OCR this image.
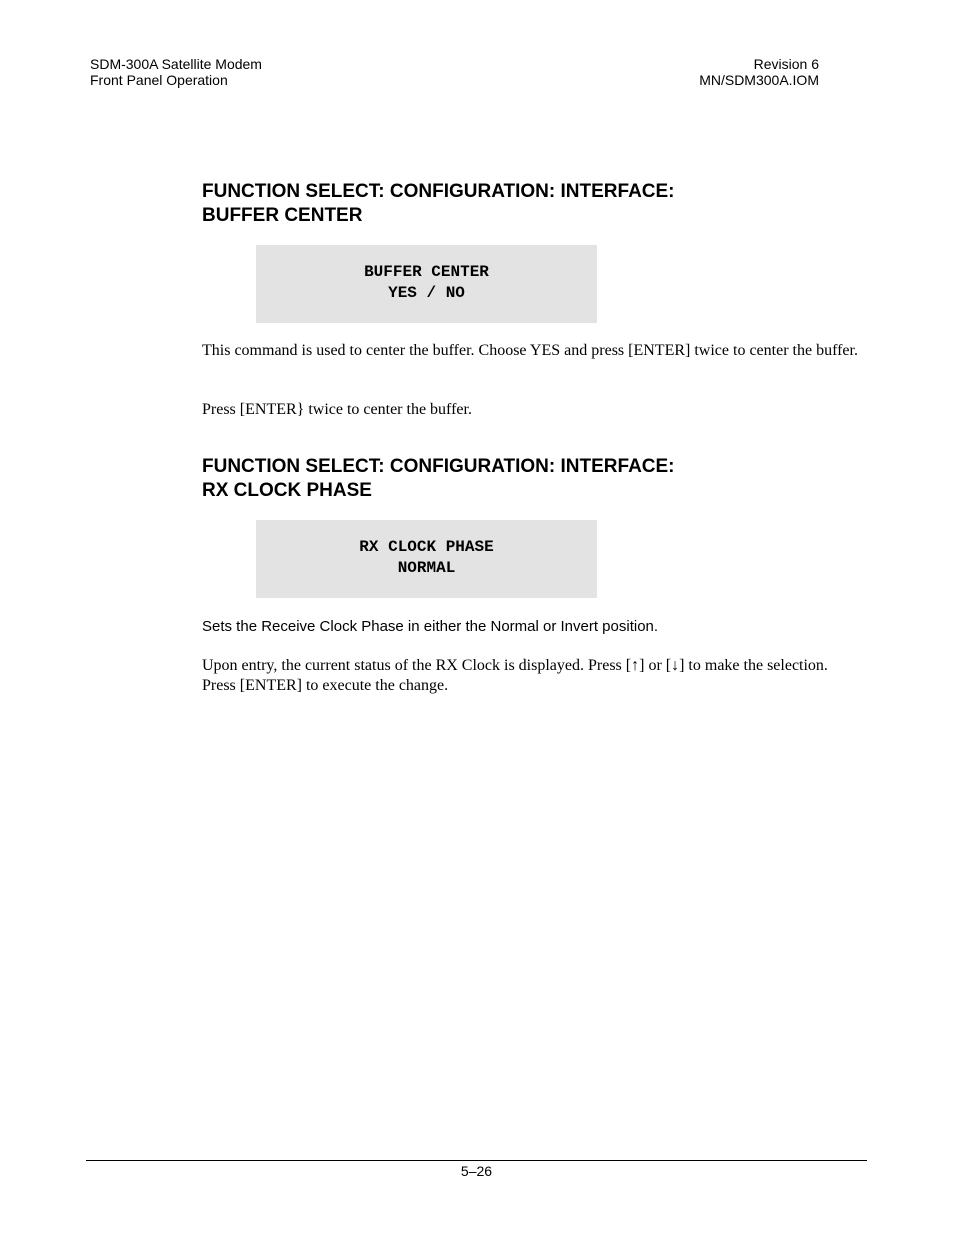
SDM-300A Satellite Modem
Front Panel Operation
Revision 6
MN/SDM300A.IOM
FUNCTION SELECT: CONFIGURATION: INTERFACE:
BUFFER CENTER
BUFFER CENTER
YES / NO
This command is used to center the buffer. Choose YES and press [ENTER] twice to center the buffer.
Press [ENTER} twice to center the buffer.
FUNCTION SELECT: CONFIGURATION: INTERFACE:
RX CLOCK PHASE
RX CLOCK PHASE
NORMAL
Sets the Receive Clock Phase in either the Normal or Invert position.
Upon entry, the current status of the RX Clock is displayed. Press [↑] or [↓] to make the selection. Press [ENTER] to execute the change.
5–26
